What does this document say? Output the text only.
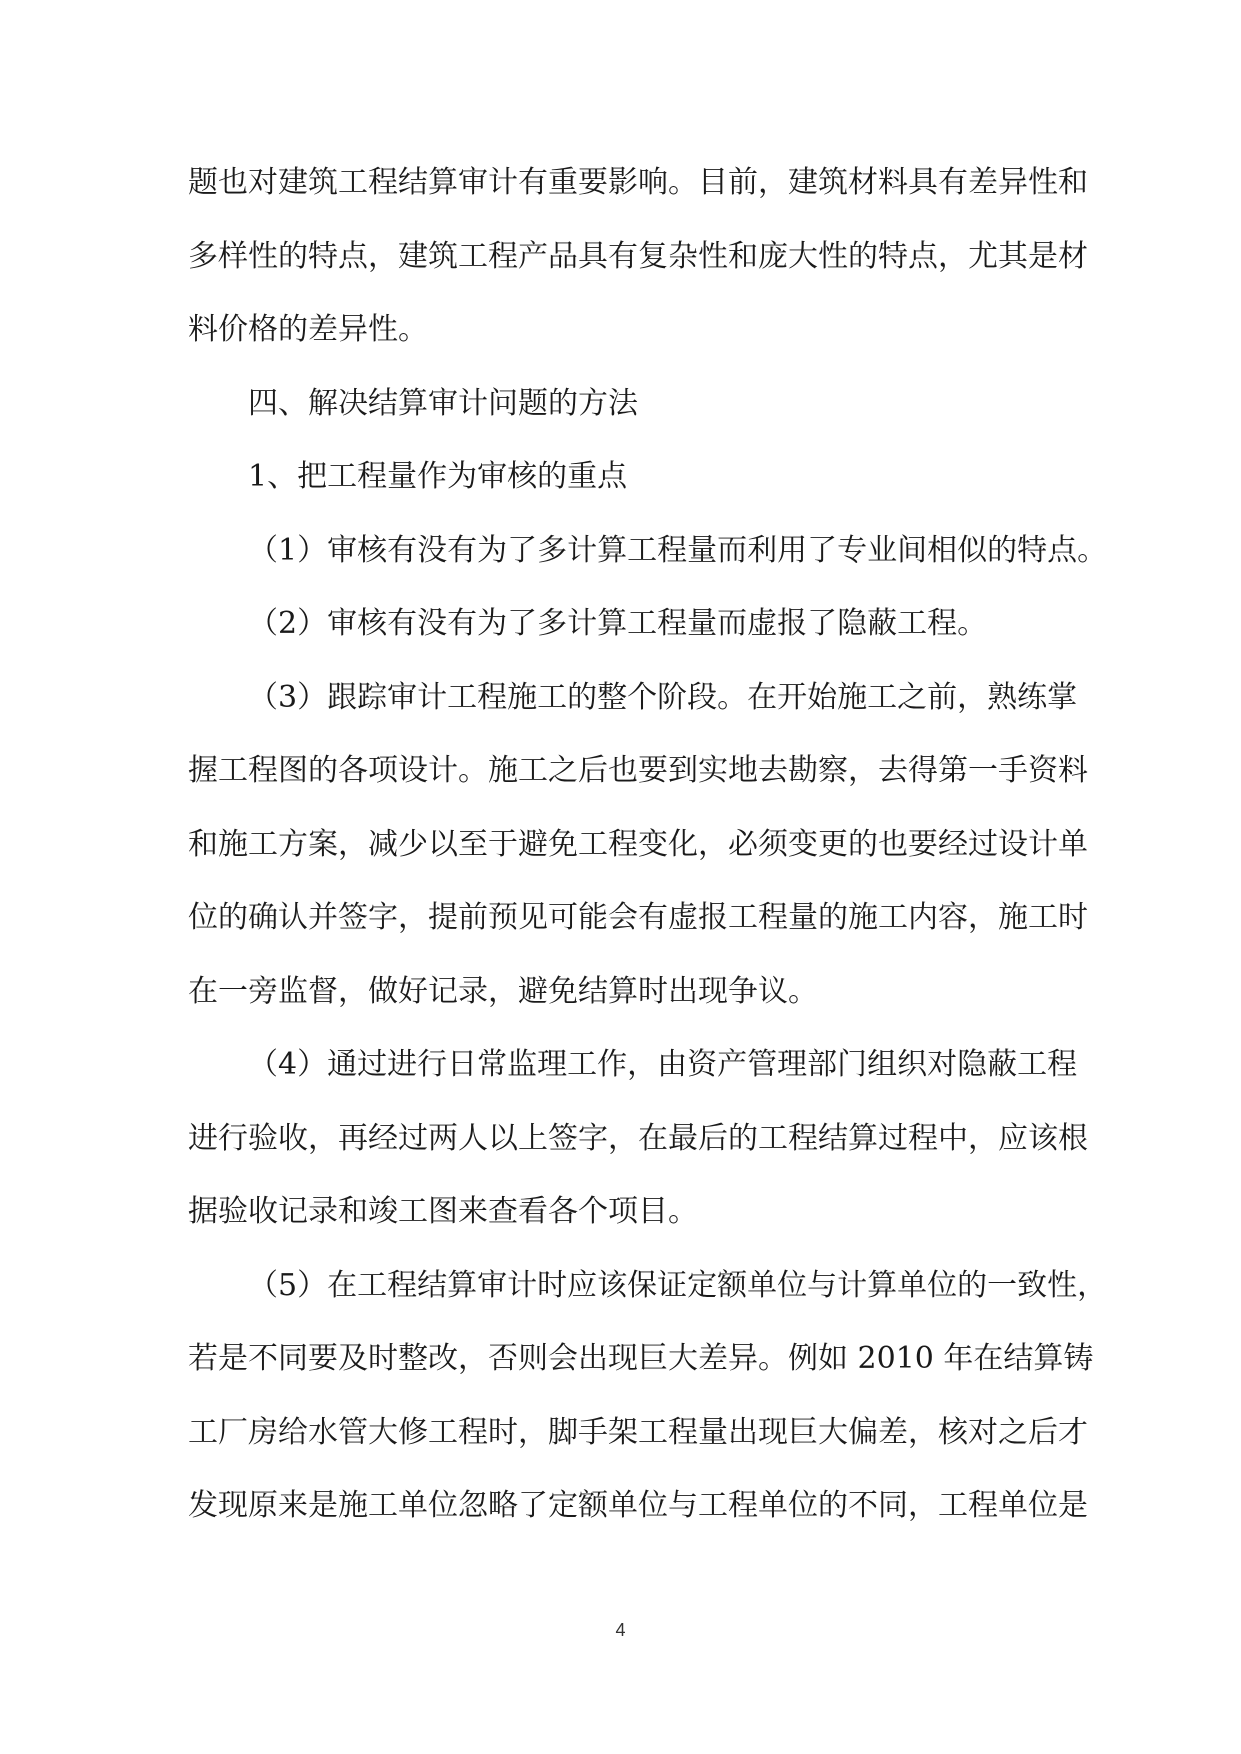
题也对建筑工程结算审计有重要影响。目前，建筑材料具有差异性和
多样性的特点，建筑工程产品具有复杂性和庞大性的特点，尤其是材
料价格的差异性。
四、解决结算审计问题的方法
1、把工程量作为审核的重点
（1）审核有没有为了多计算工程量而利用了专业间相似的特点。
（2）审核有没有为了多计算工程量而虚报了隐蔽工程。
（3）跟踪审计工程施工的整个阶段。在开始施工之前，熟练掌
握工程图的各项设计。施工之后也要到实地去勘察，去得第一手资料
和施工方案，减少以至于避免工程变化，必须变更的也要经过设计单
位的确认并签字，提前预见可能会有虚报工程量的施工内容，施工时
在一旁监督，做好记录，避免结算时出现争议。
（4）通过进行日常监理工作，由资产管理部门组织对隐蔽工程
进行验收，再经过两人以上签字，在最后的工程结算过程中，应该根
据验收记录和竣工图来查看各个项目。
（5）在工程结算审计时应该保证定额单位与计算单位的一致性，
若是不同要及时整改，否则会出现巨大差异。例如 2010 年在结算铸
工厂房给水管大修工程时，脚手架工程量出现巨大偏差，核对之后才
发现原来是施工单位忽略了定额单位与工程单位的不同，工程单位是
4
